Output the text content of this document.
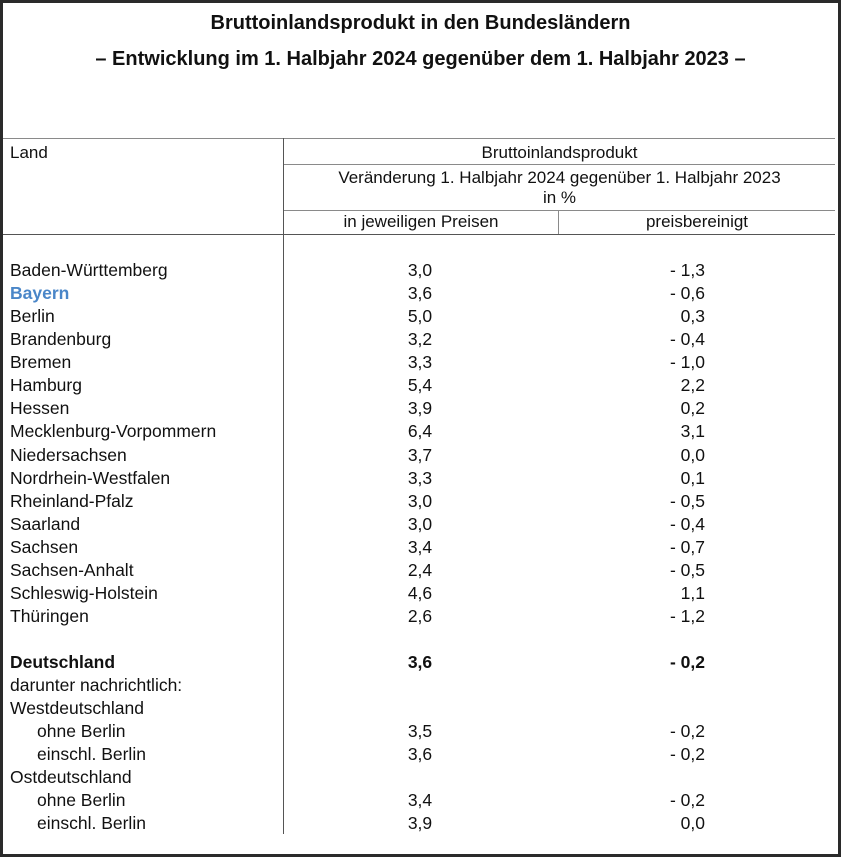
Bruttoinlandsprodukt in den Bundesländern
– Entwicklung im 1. Halbjahr 2024 gegenüber dem 1. Halbjahr 2023 –
Land	Bruttoinlandsprodukt
Veränderung 1. Halbjahr 2024 gegenüber 1. Halbjahr 2023
in %
in jeweiligen Preisen	preisbereinigt
Baden-Württemberg	3,0	- 1,3
Bayern	3,6	- 0,6
Berlin	5,0	0,3
Brandenburg	3,2	- 0,4
Bremen	3,3	- 1,0
Hamburg	5,4	2,2
Hessen	3,9	0,2
Mecklenburg-Vorpommern	6,4	3,1
Niedersachsen	3,7	0,0
Nordrhein-Westfalen	3,3	0,1
Rheinland-Pfalz	3,0	- 0,5
Saarland	3,0	- 0,4
Sachsen	3,4	- 0,7
Sachsen-Anhalt	2,4	- 0,5
Schleswig-Holstein	4,6	1,1
Thüringen	2,6	- 1,2
Deutschland	3,6	- 0,2
darunter nachrichtlich:
Westdeutschland
ohne Berlin	3,5	- 0,2
einschl. Berlin	3,6	- 0,2
Ostdeutschland
ohne Berlin	3,4	- 0,2
einschl. Berlin	3,9	0,0
